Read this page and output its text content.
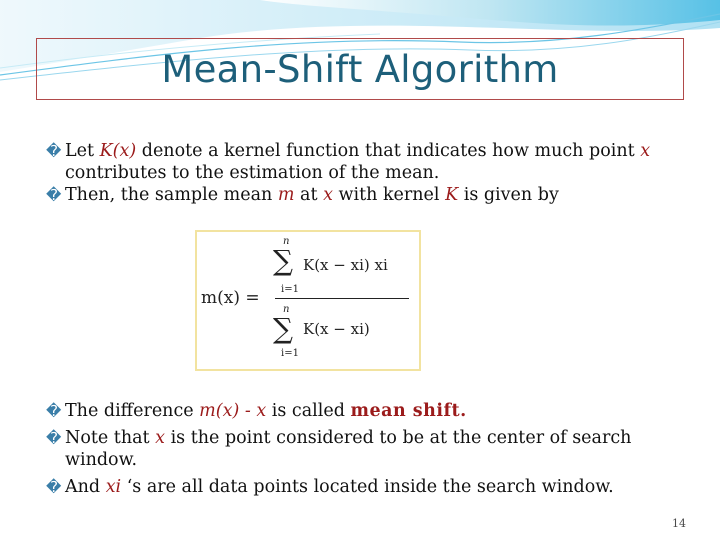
Mean-Shift Algorithm
� Let K(x) denote a kernel function that indicates how much point x contributes to the estimation of the mean.
� Then, the sample mean m at x with kernel K is given by
m(x) =
n
∑
i=1
K(x − xi) xi
n
∑
i=1
K(x − xi)
� The difference m(x) - x is called mean shift.
� Note that x is the point considered to be at the center of search window.
� And xi ‘s are all data points located inside the search window.
14
